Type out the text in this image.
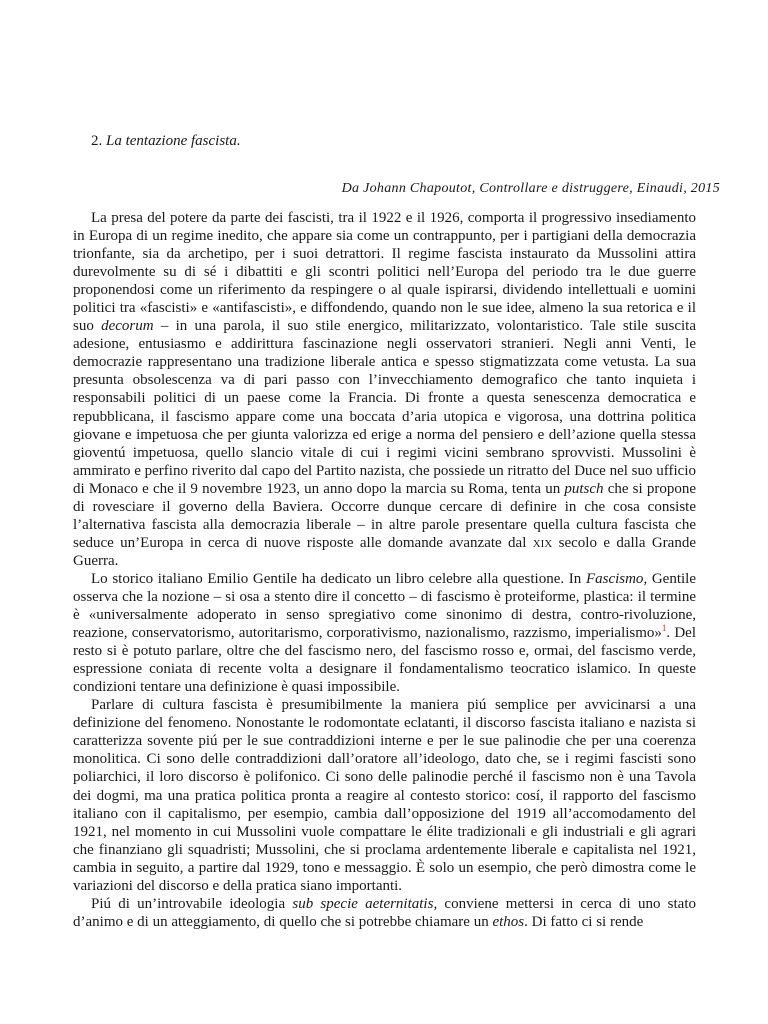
2. La tentazione fascista.
Da Johann Chapoutot, Controllare e distruggere, Einaudi, 2015

La presa del potere da parte dei fascisti, tra il 1922 e il 1926, comporta il progressivo insediamento in Europa di un regime inedito, che appare sia come un contrappunto, per i partigiani della democrazia trionfante, sia da archetipo, per i suoi detrattori. Il regime fascista instaurato da Mussolini attira durevolmente su di sé i dibattiti e gli scontri politici nell’Europa del periodo tra le due guerre proponendosi come un riferimento da respingere o al quale ispirarsi, dividendo intellettuali e uomini politici tra «fascisti» e «antifascisti», e diffondendo, quando non le sue idee, almeno la sua retorica e il suo decorum – in una parola, il suo stile energico, militarizzato, volontaristico. Tale stile suscita adesione, entusiasmo e addirittura fascinazione negli osservatori stranieri. Negli anni Venti, le democrazie rappresentano una tradizione liberale antica e spesso stigmatizzata come vetusta. La sua presunta obsolescenza va di pari passo con l’invecchiamento demografico che tanto inquieta i responsabili politici di un paese come la Francia. Di fronte a questa senescenza democratica e repubblicana, il fascismo appare come una boccata d’aria utopica e vigorosa, una dottrina politica giovane e impetuosa che per giunta valorizza ed erige a norma del pensiero e dell’azione quella stessa gioventú impetuosa, quello slancio vitale di cui i regimi vicini sembrano sprovvisti. Mussolini è ammirato e perfino riverito dal capo del Partito nazista, che possiede un ritratto del Duce nel suo ufficio di Monaco e che il 9 novembre 1923, un anno dopo la marcia su Roma, tenta un putsch che si propone di rovesciare il governo della Baviera. Occorre dunque cercare di definire in che cosa consiste l’alternativa fascista alla democrazia liberale – in altre parole presentare quella cultura fascista che seduce un’Europa in cerca di nuove risposte alle domande avanzate dal xix secolo e dalla Grande Guerra.

Lo storico italiano Emilio Gentile ha dedicato un libro celebre alla questione. In Fascismo, Gentile osserva che la nozione – si osa a stento dire il concetto – di fascismo è proteiforme, plastica: il termine è «universalmente adoperato in senso spregiativo come sinonimo di destra, contro-rivoluzione, reazione, conservatorismo, autoritarismo, corporativismo, nazionalismo, razzismo, imperialismo»$^1$. Del resto si è potuto parlare, oltre che del fascismo nero, del fascismo rosso e, ormai, del fascismo verde, espressione coniata di recente volta a designare il fondamentalismo teocratico islamico. In queste condizioni tentare una definizione è quasi impossibile.

Parlare di cultura fascista è presumibilmente la maniera piú semplice per avvicinarsi a una definizione del fenomeno. Nonostante le rodomontate eclatanti, il discorso fascista italiano e nazista si caratterizza sovente piú per le sue contraddizioni interne e per le sue palinodie che per una coerenza monolitica. Ci sono delle contraddizioni dall’oratore all’ideologo, dato che, se i regimi fascisti sono poliarchici, il loro discorso è polifonico. Ci sono delle palinodie perché il fascismo non è una Tavola dei dogmi, ma una pratica politica pronta a reagire al contesto storico: cosí, il rapporto del fascismo italiano con il capitalismo, per esempio, cambia dall’opposizione del 1919 all’accomodamento del 1921, nel momento in cui Mussolini vuole compattare le élite tradizionali e gli industriali e gli agrari che finanziano gli squadristi; Mussolini, che si proclama ardentemente liberale e capitalista nel 1921, cambia in seguito, a partire dal 1929, tono e messaggio. È solo un esempio, che però dimostra come le variazioni del discorso e della pratica siano importanti.

Piú di un’introvabile ideologia sub specie aeternitatis, conviene mettersi in cerca di uno stato d’animo e di un atteggiamento, di quello che si potrebbe chiamare un ethos. Di fatto ci si rende
